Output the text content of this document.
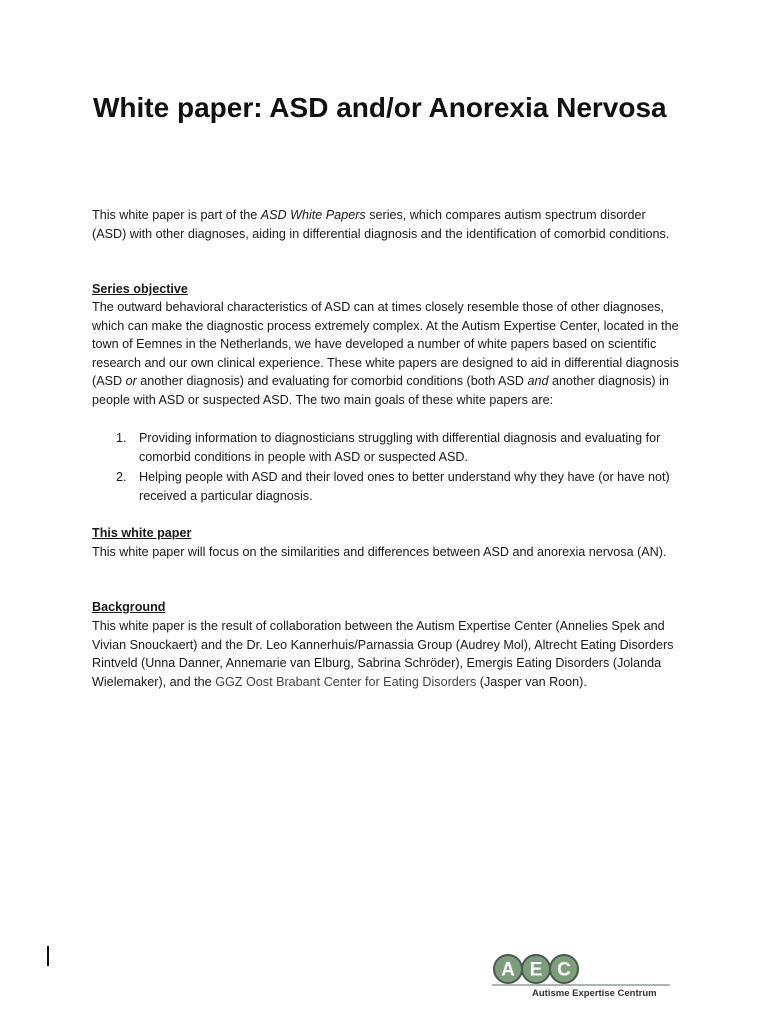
White paper: ASD and/or Anorexia Nervosa

This white paper is part of the ASD White Papers series, which compares autism spectrum disorder (ASD) with other diagnoses, aiding in differential diagnosis and the identification of comorbid conditions.

Series objective

The outward behavioral characteristics of ASD can at times closely resemble those of other diagnoses, which can make the diagnostic process extremely complex. At the Autism Expertise Center, located in the town of Eemnes in the Netherlands, we have developed a number of white papers based on scientific research and our own clinical experience. These white papers are designed to aid in differential diagnosis (ASD or another diagnosis) and evaluating for comorbid conditions (both ASD and another diagnosis) in people with ASD or suspected ASD. The two main goals of these white papers are:

1. Providing information to diagnosticians struggling with differential diagnosis and evaluating for comorbid conditions in people with ASD or suspected ASD.
2. Helping people with ASD and their loved ones to better understand why they have (or have not) received a particular diagnosis.

This white paper

This white paper will focus on the similarities and differences between ASD and anorexia nervosa (AN).

Background

This white paper is the result of collaboration between the Autism Expertise Center (Annelies Spek and Vivian Snouckaert) and the Dr. Leo Kannerhuis/Parnassia Group (Audrey Mol), Altrecht Eating Disorders Rintveld (Unna Danner, Annemarie van Elburg, Sabrina Schröder), Emergis Eating Disorders (Jolanda Wielemaker), and the GGZ Oost Brabant Center for Eating Disorders (Jasper van Roon).

A E C
Autisme Expertise Centrum
